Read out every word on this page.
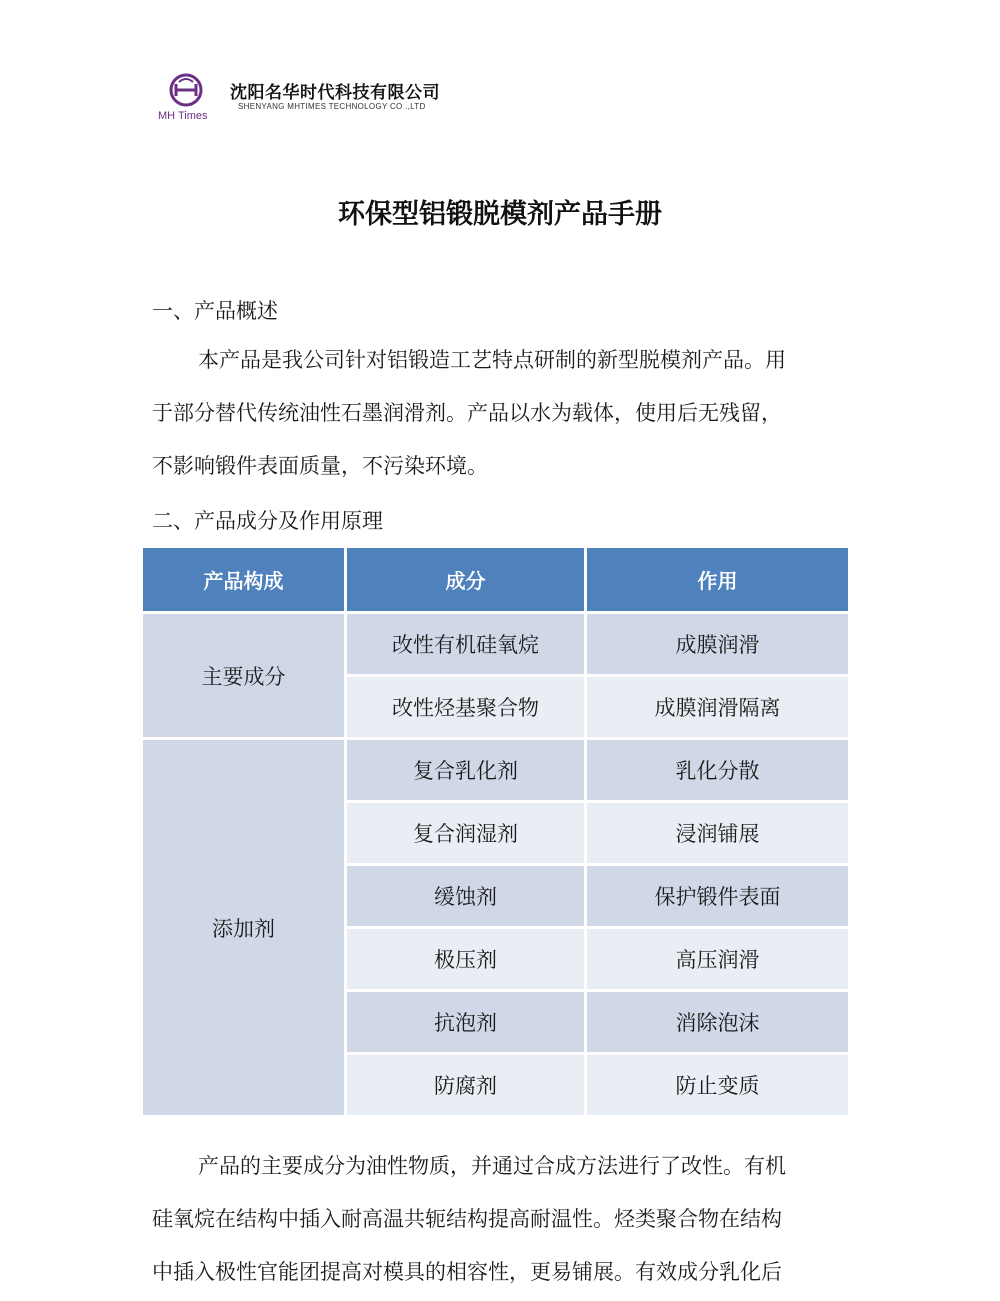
MH Times
沈阳名华时代科技有限公司
SHENYANG MHTIMES TECHNOLOGY CO .,LTD
环保型铝锻脱模剂产品手册
一、产品概述
本产品是我公司针对铝锻造工艺特点研制的新型脱模剂产品。用
于部分替代传统油性石墨润滑剂。产品以水为载体，使用后无残留，
不影响锻件表面质量，不污染环境。
二、产品成分及作用原理
产品构成	成分	作用
主要成分	改性有机硅氧烷	成膜润滑
	改性烃基聚合物	成膜润滑隔离
添加剂	复合乳化剂	乳化分散
	复合润湿剂	浸润铺展
	缓蚀剂	保护锻件表面
	极压剂	高压润滑
	抗泡剂	消除泡沫
	防腐剂	防止变质
产品的主要成分为油性物质，并通过合成方法进行了改性。有机
硅氧烷在结构中插入耐高温共轭结构提高耐温性。烃类聚合物在结构
中插入极性官能团提高对模具的相容性，更易铺展。有效成分乳化后
